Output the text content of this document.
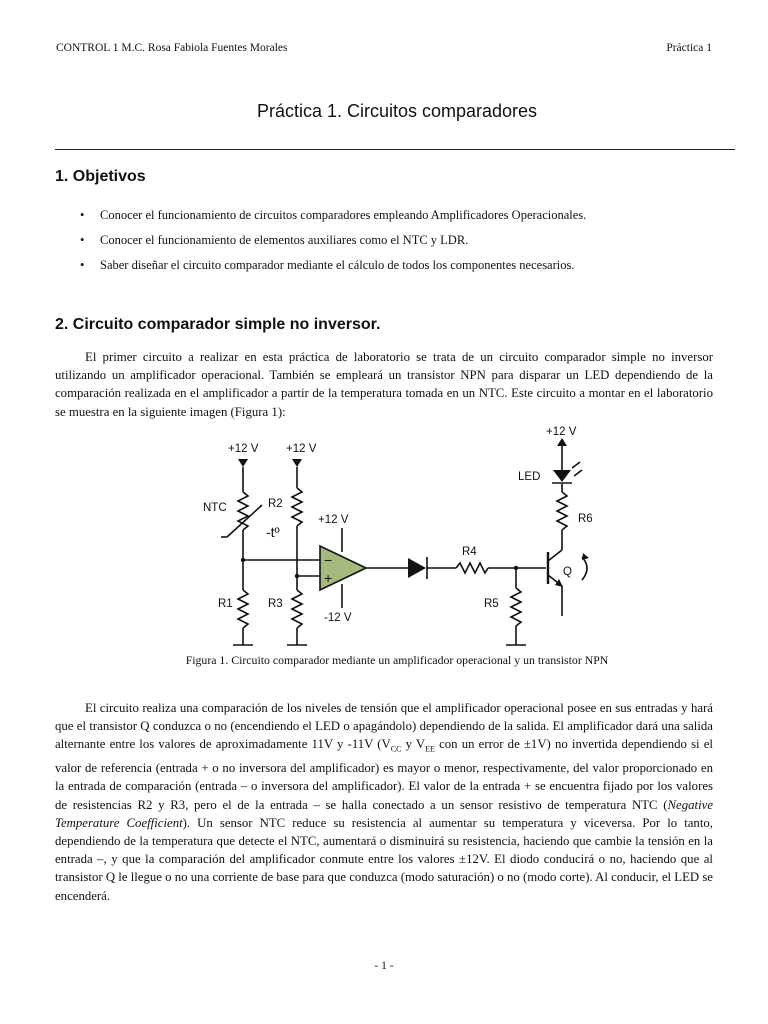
CONTROL 1 M.C. Rosa Fabiola Fuentes Morales	Práctica 1
Práctica 1. Circuitos comparadores
1. Objetivos
• Conocer el funcionamiento de circuitos comparadores empleando Amplificadores Operacionales.
• Conocer el funcionamiento de elementos auxiliares como el NTC y LDR.
• Saber diseñar el circuito comparador mediante el cálculo de todos los componentes necesarios.
2. Circuito comparador simple no inversor.

El primer circuito a realizar en esta práctica de laboratorio se trata de un circuito comparador simple no inversor utilizando un amplificador operacional. También se empleará un transistor NPN para disparar un LED dependiendo de la comparación realizada en el amplificador a partir de la temperatura tomada en un NTC. Este circuito a montar en el laboratorio se muestra en la siguiente imagen (Figura 1):

+12 V
NTC
-tº
R1
+12 V
R2
R3
+12 V
−
+
-12 V
R4
R5
Q
R6
LED
+12 V
Figura 1. Circuito comparador mediante un amplificador operacional y un transistor NPN

El circuito realiza una comparación de los niveles de tensión que el amplificador operacional posee en sus entradas y hará que el transistor Q conduzca o no (encendiendo el LED o apagándolo) dependiendo de la salida. El amplificador dará una salida alternante entre los valores de aproximadamente 11V y -11V ($V_{CC}$ y $V_{EE}$ con un error de ±1V) no invertida dependiendo si el valor de referencia (entrada + o no inversora del amplificador) es mayor o menor, respectivamente, del valor proporcionado en la entrada de comparación (entrada – o inversora del amplificador). El valor de la entrada + se encuentra fijado por los valores de resistencias R2 y R3, pero el de la entrada – se halla conectado a un sensor resistivo de temperatura NTC (Negative Temperature Coefficient). Un sensor NTC reduce su resistencia al aumentar su temperatura y viceversa. Por lo tanto, dependiendo de la temperatura que detecte el NTC, aumentará o disminuirá su resistencia, haciendo que cambie la tensión en la entrada –, y que la comparación del amplificador conmute entre los valores ±12V. El diodo conducirá o no, haciendo que al transistor Q le llegue o no una corriente de base para que conduzca (modo saturación) o no (modo corte). Al conducir, el LED se encenderá.

- 1 -
